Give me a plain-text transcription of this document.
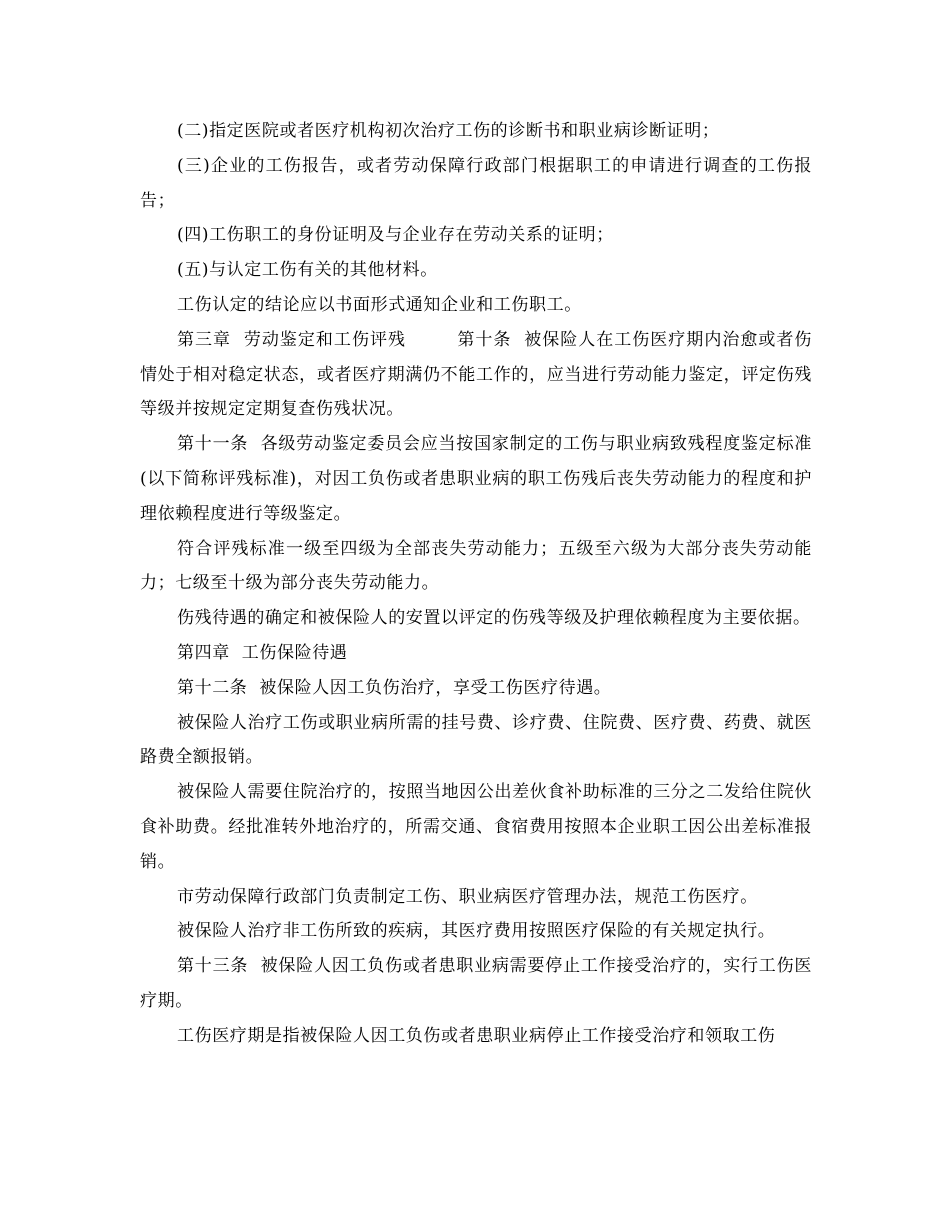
(二)指定医院或者医疗机构初次治疗工伤的诊断书和职业病诊断证明；

(三)企业的工伤报告，或者劳动保障行政部门根据职工的申请进行调查的工伤报告；

(四)工伤职工的身份证明及与企业存在劳动关系的证明；

(五)与认定工伤有关的其他材料。

工伤认定的结论应以书面形式通知企业和工伤职工。

第三章  劳动鉴定和工伤评残        第十条  被保险人在工伤医疗期内治愈或者伤情处于相对稳定状态，或者医疗期满仍不能工作的，应当进行劳动能力鉴定，评定伤残等级并按规定定期复查伤残状况。

第十一条  各级劳动鉴定委员会应当按国家制定的工伤与职业病致残程度鉴定标准(以下简称评残标准)，对因工负伤或者患职业病的职工伤残后丧失劳动能力的程度和护理依赖程度进行等级鉴定。

符合评残标准一级至四级为全部丧失劳动能力；五级至六级为大部分丧失劳动能力；七级至十级为部分丧失劳动能力。

伤残待遇的确定和被保险人的安置以评定的伤残等级及护理依赖程度为主要依据。

第四章  工伤保险待遇

第十二条  被保险人因工负伤治疗，享受工伤医疗待遇。

被保险人治疗工伤或职业病所需的挂号费、诊疗费、住院费、医疗费、药费、就医路费全额报销。

被保险人需要住院治疗的，按照当地因公出差伙食补助标准的三分之二发给住院伙食补助费。经批准转外地治疗的，所需交通、食宿费用按照本企业职工因公出差标准报销。

市劳动保障行政部门负责制定工伤、职业病医疗管理办法，规范工伤医疗。

被保险人治疗非工伤所致的疾病，其医疗费用按照医疗保险的有关规定执行。

第十三条  被保险人因工负伤或者患职业病需要停止工作接受治疗的，实行工伤医疗期。

工伤医疗期是指被保险人因工负伤或者患职业病停止工作接受治疗和领取工伤
